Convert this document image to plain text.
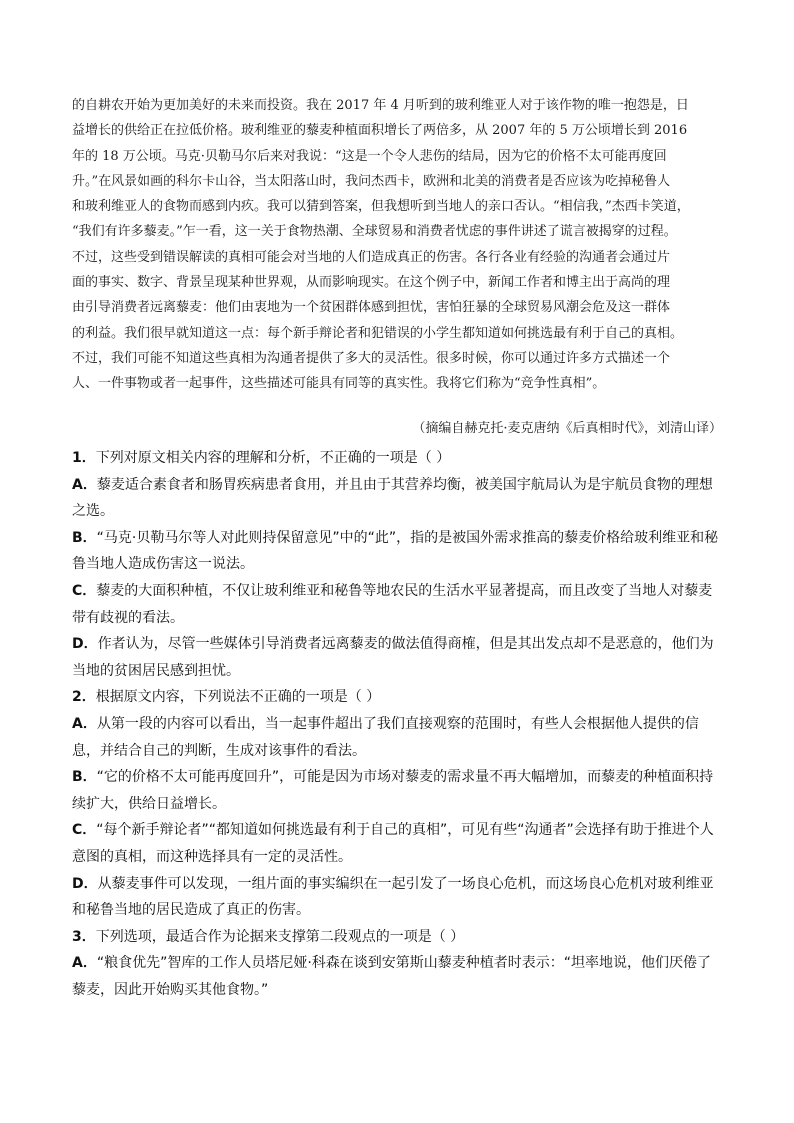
的自耕农开始为更加美好的未来而投资。我在 2017 年 4 月听到的玻利维亚人对于该作物的唯一抱怨是，日

益增长的供给正在拉低价格。玻利维亚的藜麦种植面积增长了两倍多，从 2007 年的 5 万公顷增长到 2016

年的 18 万公顷。马克·贝勒马尔后来对我说：“这是一个令人悲伤的结局，因为它的价格不太可能再度回

升。”在风景如画的科尔卡山谷，当太阳落山时，我问杰西卡，欧洲和北美的消费者是否应该为吃掉秘鲁人

和玻利维亚人的食物而感到内疚。我可以猜到答案，但我想听到当地人的亲口否认。“相信我，”杰西卡笑道，

“我们有许多藜麦。”乍一看，这一关于食物热潮、全球贸易和消费者忧虑的事件讲述了谎言被揭穿的过程。

不过，这些受到错误解读的真相可能会对当地的人们造成真正的伤害。各行各业有经验的沟通者会通过片

面的事实、数字、背景呈现某种世界观，从而影响现实。在这个例子中，新闻工作者和博主出于高尚的理

由引导消费者远离藜麦：他们由衷地为一个贫困群体感到担忧，害怕狂暴的全球贸易风潮会危及这一群体

的利益。我们很早就知道这一点：每个新手辩论者和犯错误的小学生都知道如何挑选最有利于自己的真相。

不过，我们可能不知道这些真相为沟通者提供了多大的灵活性。很多时候，你可以通过许多方式描述一个

人、一件事物或者一起事件，这些描述可能具有同等的真实性。我将它们称为“竞争性真相”。

（摘编自赫克托·麦克唐纳《后真相时代》，刘清山译）

1．下列对原文相关内容的理解和分析，不正确的一项是（ ）

A．藜麦适合素食者和肠胃疾病患者食用，并且由于其营养均衡，被美国宇航局认为是宇航员食物的理想之选。

B．“马克·贝勒马尔等人对此则持保留意见”中的“此”，指的是被国外需求推高的藜麦价格给玻利维亚和秘鲁当地人造成伤害这一说法。

C．藜麦的大面积种植，不仅让玻利维亚和秘鲁等地农民的生活水平显著提高，而且改变了当地人对藜麦带有歧视的看法。

D．作者认为，尽管一些媒体引导消费者远离藜麦的做法值得商榷，但是其出发点却不是恶意的，他们为当地的贫困居民感到担忧。

2．根据原文内容，下列说法不正确的一项是（ ）

A．从第一段的内容可以看出，当一起事件超出了我们直接观察的范围时，有些人会根据他人提供的信息，并结合自己的判断，生成对该事件的看法。

B．“它的价格不太可能再度回升”，可能是因为市场对藜麦的需求量不再大幅增加，而藜麦的种植面积持续扩大，供给日益增长。

C．“每个新手辩论者”“都知道如何挑选最有利于自己的真相”，可见有些“沟通者”会选择有助于推进个人意图的真相，而这种选择具有一定的灵活性。

D．从藜麦事件可以发现，一组片面的事实编织在一起引发了一场良心危机，而这场良心危机对玻利维亚和秘鲁当地的居民造成了真正的伤害。

3．下列选项，最适合作为论据来支撑第二段观点的一项是（ ）

A．“粮食优先”智库的工作人员塔尼娅·科森在谈到安第斯山藜麦种植者时表示：“坦率地说，他们厌倦了藜麦，因此开始购买其他食物。”
